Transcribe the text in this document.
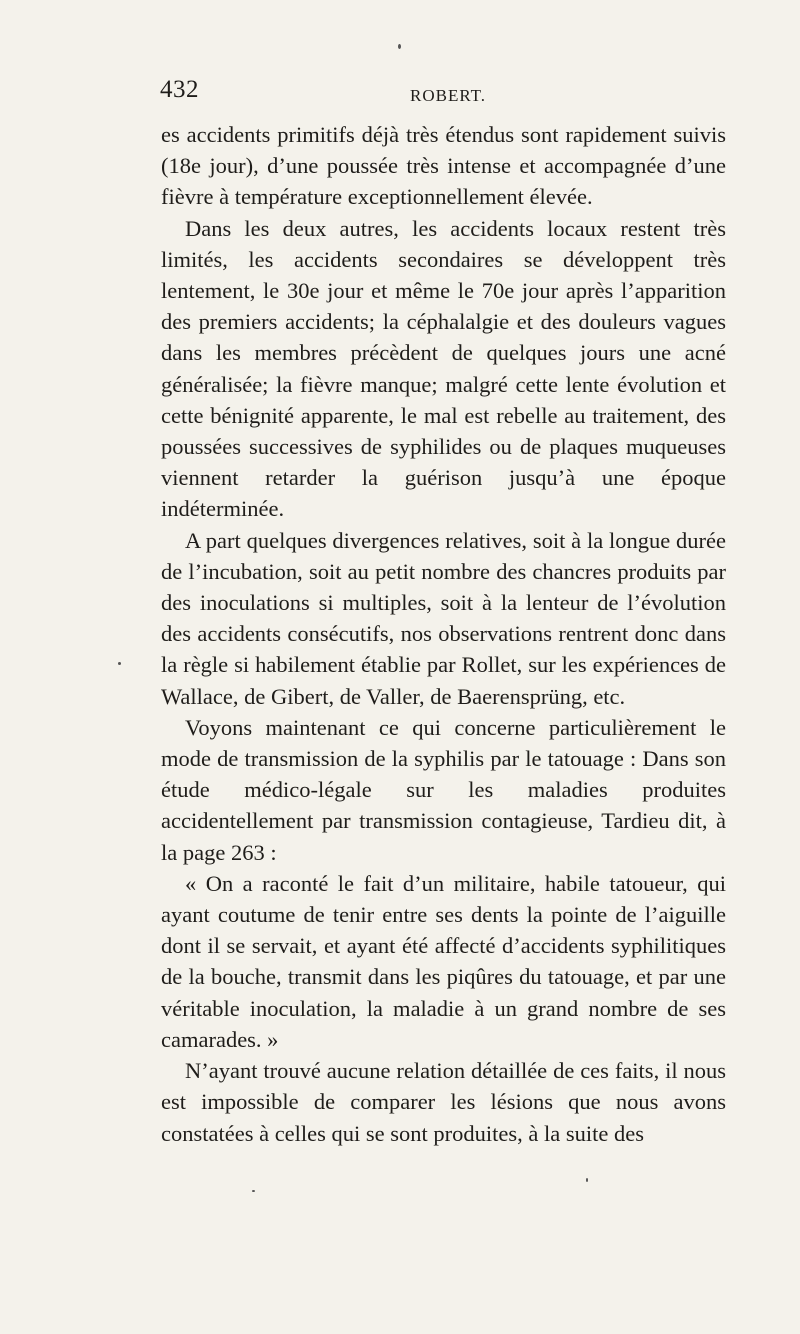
432	ROBERT.

es accidents primitifs déjà très étendus sont rapidement suivis (18e jour), d’une poussée très intense et accompagnée d’une fièvre à température exceptionnellement élevée.

Dans les deux autres, les accidents locaux restent très limités, les accidents secondaires se développent très lentement, le 30e jour et même le 70e jour après l’apparition des premiers accidents; la céphalalgie et des douleurs vagues dans les membres précèdent de quelques jours une acné généralisée; la fièvre manque; malgré cette lente évolution et cette bénignité apparente, le mal est rebelle au traitement, des poussées successives de syphilides ou de plaques muqueuses viennent retarder la guérison jusqu’à une époque indéterminée.

A part quelques divergences relatives, soit à la longue durée de l’incubation, soit au petit nombre des chancres produits par des inoculations si multiples, soit à la lenteur de l’évolution des accidents consécutifs, nos observations rentrent donc dans la règle si habilement établie par Rollet, sur les expériences de Wallace, de Gibert, de Valler, de Baerensprüng, etc.

Voyons maintenant ce qui concerne particulièrement le mode de transmission de la syphilis par le tatouage : Dans son étude médico-légale sur les maladies produites accidentellement par transmission contagieuse, Tardieu dit, à la page 263 :

« On a raconté le fait d’un militaire, habile tatoueur, qui ayant coutume de tenir entre ses dents la pointe de l’aiguille dont il se servait, et ayant été affecté d’accidents syphilitiques de la bouche, transmit dans les piqûres du tatouage, et par une véritable inoculation, la maladie à un grand nombre de ses camarades. »

N’ayant trouvé aucune relation détaillée de ces faits, il nous est impossible de comparer les lésions que nous avons constatées à celles qui se sont produites, à la suite des
